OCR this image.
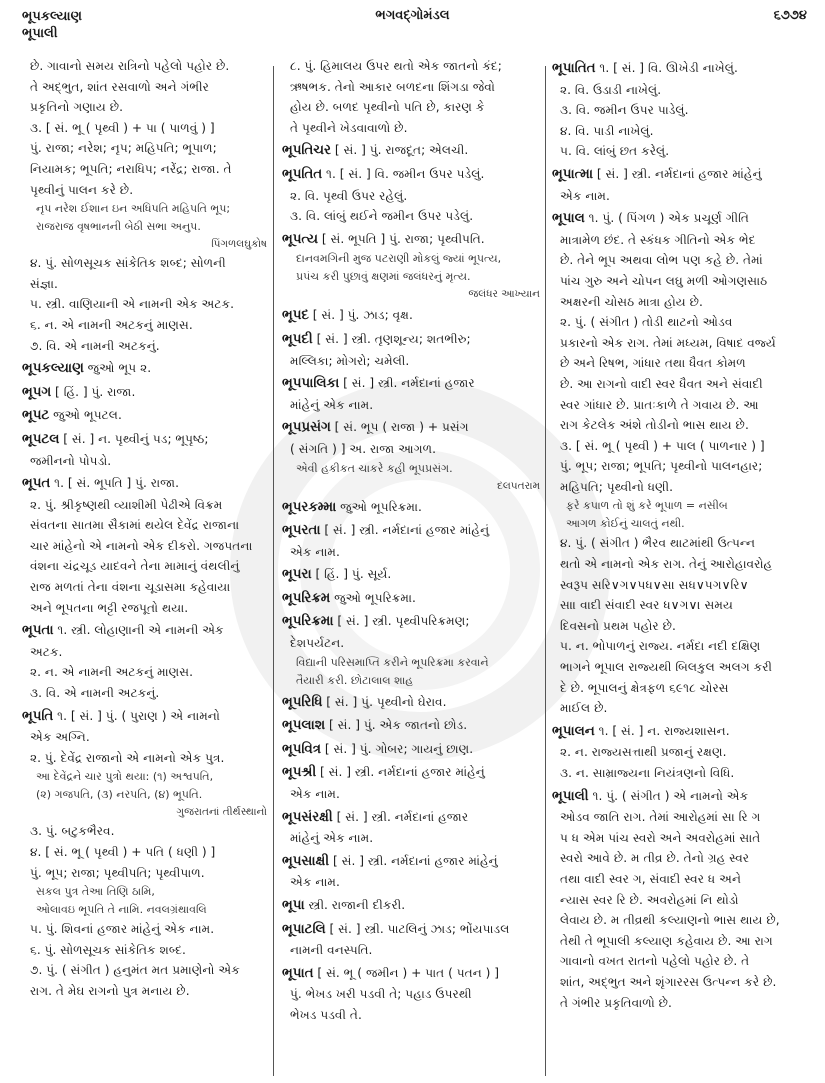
ભૂપકલ્યાણ
ભૂપાલી
ભગવદ્ગોમંડલ	૬૭૭૪
છે. ગાવાનો સમય રાત્રિનો પહેલો પહોર છે.
તે અદ્ભુત, શાંત રસવાળો અને ગંભીર
પ્રકૃતિનો ગણાય છે.
૩. [ સં. ભૂ ( પૃથ્વી ) + પા ( પાળવું ) ]
પું. રાજા; નરેશ; નૃપ; મહિપતિ; ભૂપાળ;
નિયામક; ભૂપતિ; નરાધિપ; નરેંદ્ર; રાજા. તે
પૃથ્વીનું પાલન કરે છે.
નૃપ નરેશ ઈશાન ઇન અધિપતિ મહિપતિ ભૂપ;
રાજરાજ વૃષભાનની બેઠી સભા અનુપ.
પિંગળલઘુકોષ
૪. પું. સોળસૂચક સાંકેતિક શબ્દ; સોળની
સંજ્ઞા.
૫. સ્ત્રી. વાણિયાની એ નામની એક અટક.
૬. ન. એ નામની અટકનું માણસ.
૭. વિ. એ નામની અટકનું.
ભૂપકલ્યાણ જુઓ ભૂપ ૨.
ભૂપગ [ હિં. ] પું. રાજા.
ભૂપટ જુઓ ભૂપટલ.
ભૂપટલ [ સં. ] ન. પૃથ્વીનું પડ; ભૂપૃષ્ઠ;
જમીનનો પોપડો.
ભૂપત ૧. [ સં. ભૂપતિ ] પું. રાજા.
૨. પું. શ્રીકૃષ્ણથી વ્યાશીમી પેઢીએ વિક્રમ
સંવતના સાતમા સૈકામાં થયેલ દેવેંદ્ર રાજાના
ચાર માંહેનો એ નામનો એક દીકરો. ગજપતના
વંશના ચંદ્રચૂડ યાદવને તેના મામાનું વંથલીનું
રાજ મળતાં તેના વંશના ચૂડાસમા કહેવાયા
અને ભૂપતના ભટ્ટી રજપૂતો થયા.
ભૂપતા ૧. સ્ત્રી. લોહાણાની એ નામની એક
અટક.
૨. ન. એ નામની અટકનું માણસ.
૩. વિ. એ નામની અટકનું.
ભૂપતિ ૧. [ સં. ] પું. ( પુરાણ ) એ નામનો
એક અગ્નિ.
૨. પું. દેવેંદ્ર રાજાનો એ નામનો એક પુત્ર.
આ દેવેંદ્રને ચાર પુત્રો થયા: (૧) અશ્વપતિ,
(૨) ગજપતિ, (૩) નરપતિ, (૪) ભૂપતિ.
ગુજરાતનાં તીર્થસ્થાનો
૩. પું. બટુકભૈરવ.
૪. [ સં. ભૂ ( પૃથ્વી ) + પતિ ( ધણી ) ]
પું. ભૂપ; રાજા; પૃથ્વીપતિ; પૃથ્વીપાળ.
સકલ પુત્ર તેઆ તિણિ ઠામિ,
ઓલાવઇ ભૂપતિ તે નામિ. નવલગ્રંથાવલિ
૫. પું. શિવનાં હજાર માંહેનું એક નામ.
૬. પું. સોળસૂચક સાંકેતિક શબ્દ.
૭. પું. ( સંગીત ) હનુમંત મત પ્રમાણેનો એક
રાગ. તે મેઘ રાગનો પુત્ર મનાય છે.
૮. પું. હિમાલય ઉપર થતો એક જાતનો કંદ;
ઋષભક. તેનો આકાર બળદના શિંગડા જેવો
હોય છે. બળદ પૃથ્વીનો પતિ છે, કારણ કે
તે પૃથ્વીને ખેડવાવાળો છે.
ભૂપતિચર [ સં. ] પું. રાજદૂત; એલચી.
ભૂપતિત ૧. [ સં. ] વિ. જમીન ઉપર પડેલું.
૨. વિ. પૃથ્વી ઉપર રહેલું.
૩. વિ. લાંબું થઈને જમીન ઉપર પડેલું.
ભૂપત્ય [ સં. ભૂપતિ ] પું. રાજા; પૃથ્વીપતિ.
દાનવમગિની મુજ પટરાણી મોકલું જ્યાં ભૂપત્ય,
પ્રપંચ કરી પુછાવું ક્ષણમાં જલંધરનું મૃત્ય.
જલંધર આખ્યાન
ભૂપદ [ સં. ] પું. ઝાડ; વૃક્ષ.
ભૂપદી [ સં. ] સ્ત્રી. તૃણશૂન્ય; શતભીરુ;
મલ્લિકા; મોગરો; ચમેલી.
ભૂપપાલિકા [ સં. ] સ્ત્રી. નર્મદાનાં હજાર
માંહેનું એક નામ.
ભૂપપ્રસંગ [ સં. ભૂપ ( રાજા ) + પ્રસંગ
( સંગતિ ) ] અ. રાજા આગળ.
એવી હકીકત ચાકરે કહી ભૂપપ્રસંગ.
દલપતરામ
ભૂપરકમ્મા જુઓ ભૂપરિક્રમા.
ભૂપરતા [ સં. ] સ્ત્રી. નર્મદાનાં હજાર માંહેનું
એક નામ.
ભૂપરા [ હિં. ] પું. સૂર્ય.
ભૂપરિક્રમ જુઓ ભૂપરિક્રમા.
ભૂપરિક્રમા [ સં. ] સ્ત્રી. પૃથ્વીપરિક્રમણ;
દેશપર્યટન.
વિદ્યાની પરિસમાપ્તિ કરીને ભૂપરિક્રમા કરવાને
તૈયારી કરી. છોટાલાલ શાહ
ભૂપરિધિ [ સં. ] પું. પૃથ્વીનો ઘેરાવ.
ભૂપલાશ [ સં. ] પું. એક જાતનો છોડ.
ભૂપવિત્ર [ સં. ] પું. ગોબર; ગાયનું છાણ.
ભૂપશ્રી [ સં. ] સ્ત્રી. નર્મદાનાં હજાર માંહેનું
એક નામ.
ભૂપસંરક્ષી [ સં. ] સ્ત્રી. નર્મદાનાં હજાર
માંહેનું એક નામ.
ભૂપસાક્ષી [ સં. ] સ્ત્રી. નર્મદાનાં હજાર માંહેનું
એક નામ.
ભૂપા સ્ત્રી. રાજાની દીકરી.
ભૂપાટલિ [ સં. ] સ્ત્રી. પાટલિનું ઝાડ; ભોંયપાડલ
નામની વનસ્પતિ.
ભૂપાત [ સં. ભૂ ( જમીન ) + પાત ( પતન ) ]
પું. ભેખડ ખરી પડવી તે; પહાડ ઉપરથી
ભેખડ પડવી તે.
ભૂપાતિત ૧. [ સં. ] વિ. ઊખેડી નાખેલું.
૨. વિ. ઉડાડી નાખેલું.
૩. વિ. જમીન ઉપર પાડેલું.
૪. વિ. પાડી નાખેલું.
૫. વિ. લાંબું છત કરેલું.
ભૂપાત્મા [ સં. ] સ્ત્રી. નર્મદાનાં હજાર માંહેનું
એક નામ.
ભૂપાલ ૧. પું. ( પિંગળ ) એક પ્રચૂર્ણ ગીતિ
માત્રામેળ છંદ. તે સ્કંધક ગીતિનો એક ભેદ
છે. તેને ભૂપ અથવા લોભ પણ કહે છે. તેમાં
પાંચ ગુરુ અને ચોપન લઘુ મળી ઓગણસાઠ
અક્ષરની ચોસઠ માત્રા હોય છે.
૨. પું. ( સંગીત ) તોડી થાટનો ઓડવ
પ્રકારનો એક રાગ. તેમાં મધ્યમ, વિષાદ વર્જ્ય
છે અને રિષભ, ગાંધાર તથા ધૈવત કોમળ
છે. આ રાગનો વાદી સ્વર ધૈવત અને સંવાદી
સ્વર ગાંધાર છે. પ્રાતઃકાળે તે ગવાય છે. આ
રાગ કેટલેક અંશે તોડીનો ભાસ થાય છે.
૩. [ સં. ભૂ ( પૃથ્વી ) + પાલ ( પાળનાર ) ]
પું. ભૂપ; રાજા; ભૂપતિ; પૃથ્વીનો પાલનહાર;
મહિપતિ; પૃથ્વીનો ધણી.
ફરે કપાળ તો શું કરે ભૂપાળ = નસીબ
આગળ કોઈનું ચાલતું નથી.
૪. પું. ( સંગીત ) ભૈરવ થાટમાંથી ઉત્પન્ન
થતો એ નામનો એક રાગ. તેનું આરોહાવરોહ
સ્વરૂપ સરિ∨ગ∨પધ∨સ। સધ∨પગ∨રિ∨
સ॥ વાદી સંવાદી સ્વર ધ∨ગ∨। સમય
દિવસનો પ્રથમ પહોર છે.
૫. ન. ભોપાળનું રાજ્ય. નર્મદા નદી દક્ષિણ
ભાગને ભૂપાલ રાજ્યથી બિલકુલ અલગ કરી
દે છે. ભૂપાલનું ક્ષેત્રફળ ૬૯૧૮ ચોરસ
માઈલ છે.
ભૂપાલન ૧. [ સં. ] ન. રાજ્યશાસન.
૨. ન. રાજ્યસત્તાથી પ્રજાનું રક્ષણ.
૩. ન. સામ્રાજ્યના નિયંત્રણનો વિધિ.
ભૂપાલી ૧. પું. ( સંગીત ) એ નામનો એક
ઓડવ જાતિ રાગ. તેમાં આરોહમાં સા રિ ગ
પ ધ એમ પાંચ સ્વરો અને અવરોહમાં સાતે
સ્વરો આવે છે. મ તીવ્ર છે. તેનો ગ્રહ સ્વર
તથા વાદી સ્વર ગ, સંવાદી સ્વર ધ અને
ન્યાસ સ્વર રિ છે. અવરોહમાં નિ થોડો
લેવાય છે. મ તીવ્રથી કલ્યાણનો ભાસ થાય છે,
તેથી તે ભૂપાલી કલ્યાણ કહેવાય છે. આ રાગ
ગાવાનો વખત રાતનો પહેલો પહોર છે. તે
શાંત, અદ્ભુત અને શૃંગારરસ ઉત્પન્ન કરે છે.
તે ગંભીર પ્રકૃતિવાળો છે.
